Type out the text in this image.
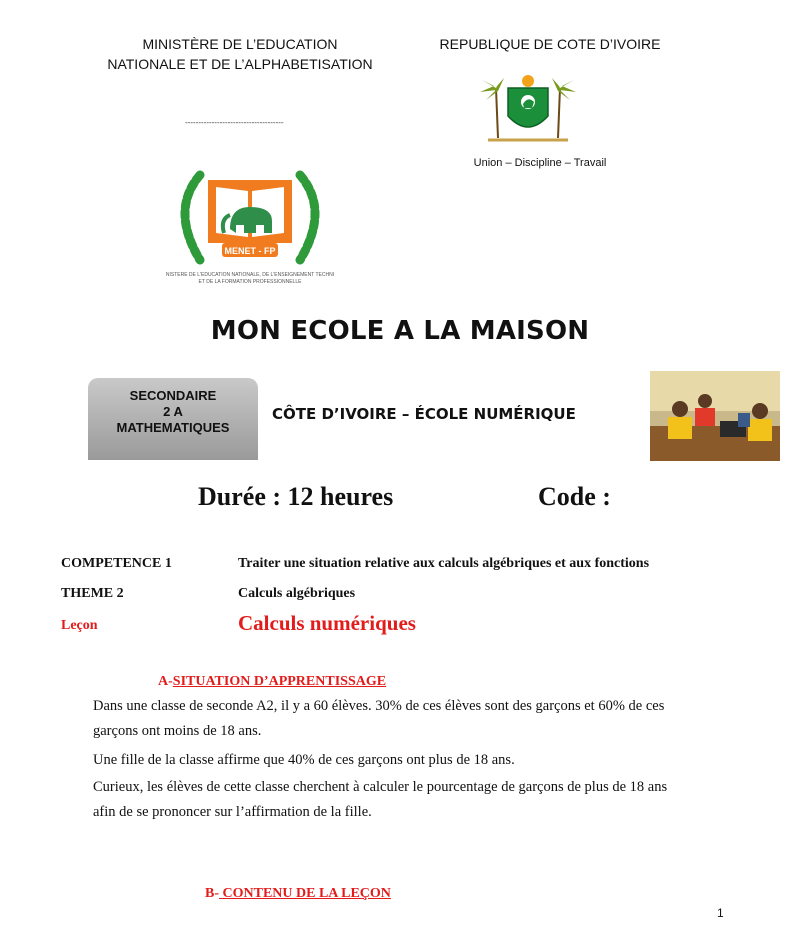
MINISTÈRE DE L’EDUCATION
NATIONALE ET DE L’ALPHABETISATION
REPUBLIQUE DE COTE D’IVOIRE
-------------------------------------
Union – Discipline – Travail
MENET - FP
NISTERE DE L'EDUCATION NATIONALE, DE L'ENSEIGNEMENT TECHNI
ET DE LA FORMATION PROFESSIONNELLE
MON ECOLE A LA MAISON
SECONDAIRE
2 A
MATHEMATIQUES
CÔTE D’IVOIRE – ÉCOLE NUMÉRIQUE
Durée : 12 heures	Code :
COMPETENCE 1	Traiter une situation relative aux calculs algébriques et aux fonctions
THEME 2	Calculs algébriques
Leçon	Calculs numériques
A-SITUATION D’APPRENTISSAGE
Dans une classe de seconde A2, il y a 60 élèves. 30% de ces élèves sont des garçons et 60% de ces
garçons ont moins de 18 ans.
Une fille de la classe affirme que 40% de ces garçons ont plus de 18 ans.
Curieux, les élèves de cette classe cherchent à calculer le pourcentage de garçons de plus de 18 ans
afin de se prononcer sur l’affirmation de la fille.
B- CONTENU DE LA LEÇON
1
